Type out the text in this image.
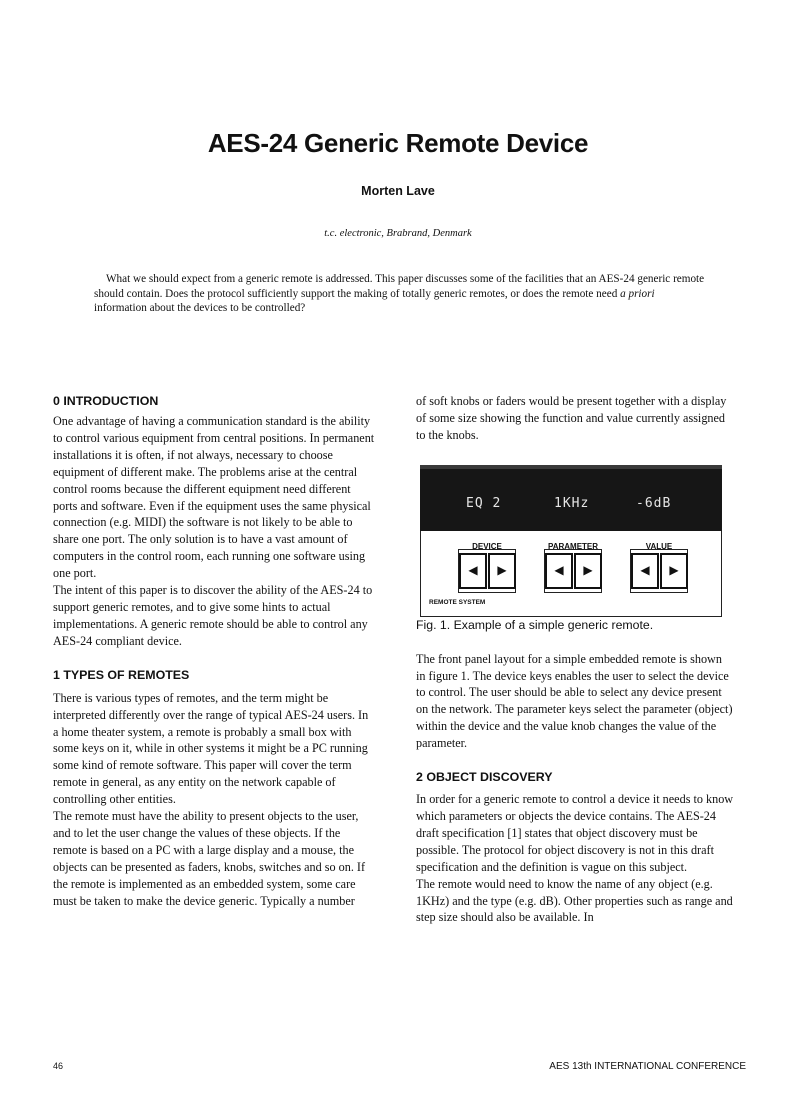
AES-24 Generic Remote Device
Morten Lave
t.c. electronic, Brabrand, Denmark
What we should expect from a generic remote is addressed. This paper discusses some of the facilities that an AES-24 generic remote should contain. Does the protocol sufficiently support the making of totally generic remotes, or does the remote need a priori information about the devices to be controlled?
0 INTRODUCTION

One advantage of having a communication standard is the ability to control various equipment from central positions. In permanent installations it is often, if not always, necessary to choose equipment of different make. The problems arise at the central control rooms because the different equipment need different ports and software. Even if the equipment uses the same physical connection (e.g. MIDI) the software is not likely to be able to share one port. The only solution is to have a vast amount of computers in the control room, each running one software using one port.

The intent of this paper is to discover the ability of the AES-24 to support generic remotes, and to give some hints to actual implementations. A generic remote should be able to control any AES-24 compliant device.

1 TYPES OF REMOTES

There is various types of remotes, and the term might be interpreted differently over the range of typical AES-24 users. In a home theater system, a remote is probably a small box with some keys on it, while in other systems it might be a PC running some kind of remote software. This paper will cover the term remote in general, as any entity on the network capable of controlling other entities.

The remote must have the ability to present objects to the user, and to let the user change the values of these objects. If the remote is based on a PC with a large display and a mouse, the objects can be presented as faders, knobs, switches and so on. If the remote is implemented as an embedded system, some care must be taken to make the device generic. Typically a number

of soft knobs or faders would be present together with a display of some size showing the function and value currently assigned to the knobs.

EQ 2	1KHz	-6dB
DEVICE	PARAMETER	VALUE
◀ ▶	◀ ▶	◀ ▶
REMOTE SYSTEM

Fig. 1. Example of a simple generic remote.

The front panel layout for a simple embedded remote is shown in figure 1. The device keys enables the user to select the device to control. The user should be able to select any device present on the network. The parameter keys select the parameter (object) within the device and the value knob changes the value of the parameter.

2 OBJECT DISCOVERY

In order for a generic remote to control a device it needs to know which parameters or objects the device contains. The AES-24 draft specification [1] states that object discovery must be possible. The protocol for object discovery is not in this draft specification and the definition is vague on this subject.

The remote would need to know the name of any object (e.g. 1KHz) and the type (e.g. dB). Other properties such as range and step size should also be available. In

46	AES 13th INTERNATIONAL CONFERENCE
